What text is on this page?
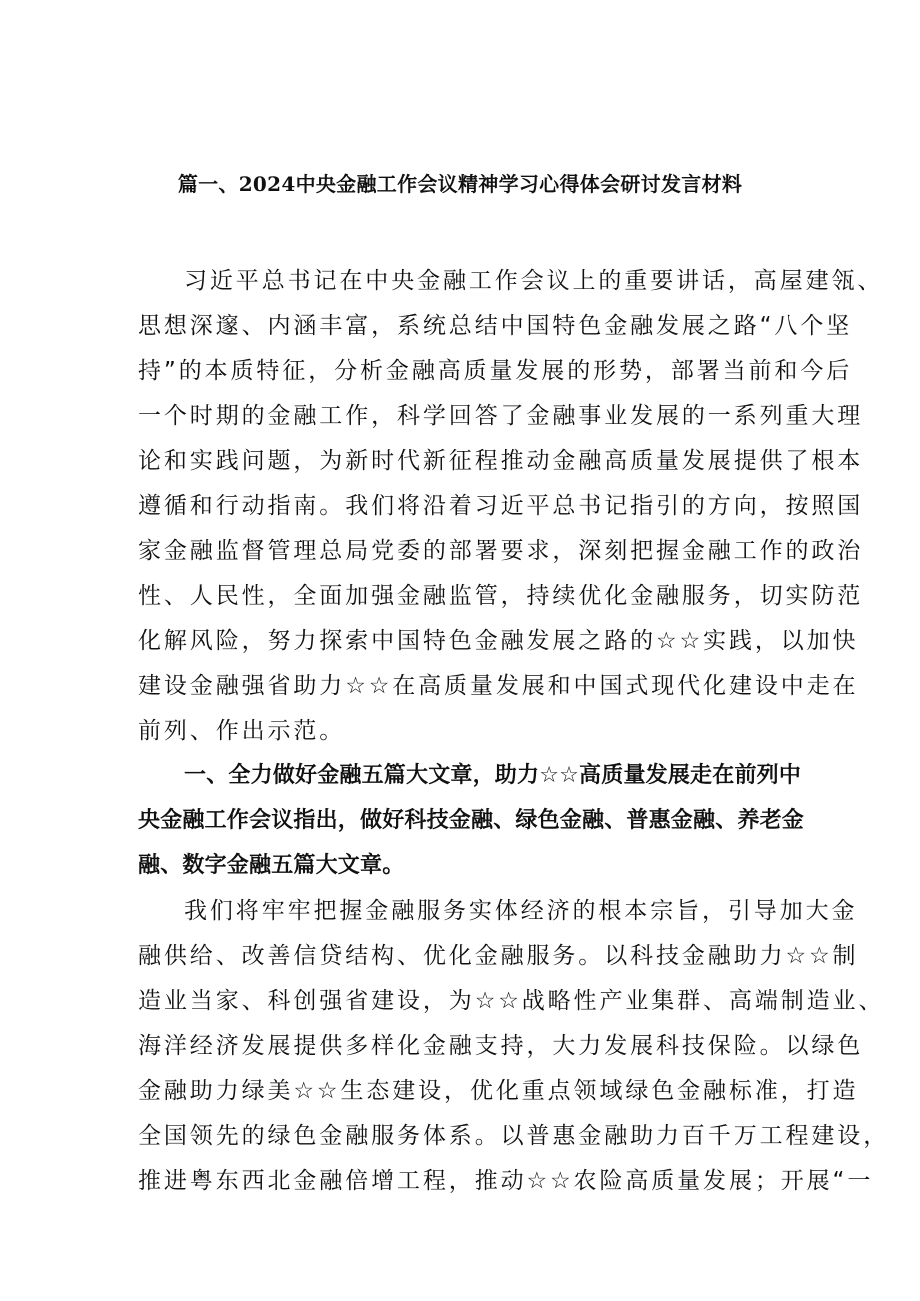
篇一、2024中央金融工作会议精神学习心得体会研讨发言材料
习近平总书记在中央金融工作会议上的重要讲话，高屋建瓴、
思想深邃、内涵丰富，系统总结中国特色金融发展之路“八个坚
持”的本质特征，分析金融高质量发展的形势，部署当前和今后
一个时期的金融工作，科学回答了金融事业发展的一系列重大理
论和实践问题，为新时代新征程推动金融高质量发展提供了根本
遵循和行动指南。我们将沿着习近平总书记指引的方向，按照国
家金融监督管理总局党委的部署要求，深刻把握金融工作的政治
性、人民性，全面加强金融监管，持续优化金融服务，切实防范
化解风险，努力探索中国特色金融发展之路的☆☆实践，以加快
建设金融强省助力☆☆在高质量发展和中国式现代化建设中走在
前列、作出示范。
一、全力做好金融五篇大文章，助力☆☆高质量发展走在前列中
央金融工作会议指出，做好科技金融、绿色金融、普惠金融、养老金
融、数字金融五篇大文章。
我们将牢牢把握金融服务实体经济的根本宗旨，引导加大金
融供给、改善信贷结构、优化金融服务。以科技金融助力☆☆制
造业当家、科创强省建设，为☆☆战略性产业集群、高端制造业、
海洋经济发展提供多样化金融支持，大力发展科技保险。以绿色
金融助力绿美☆☆生态建设，优化重点领域绿色金融标准，打造
全国领先的绿色金融服务体系。以普惠金融助力百千万工程建设，
推进粤东西北金融倍增工程，推动☆☆农险高质量发展；开展“一
